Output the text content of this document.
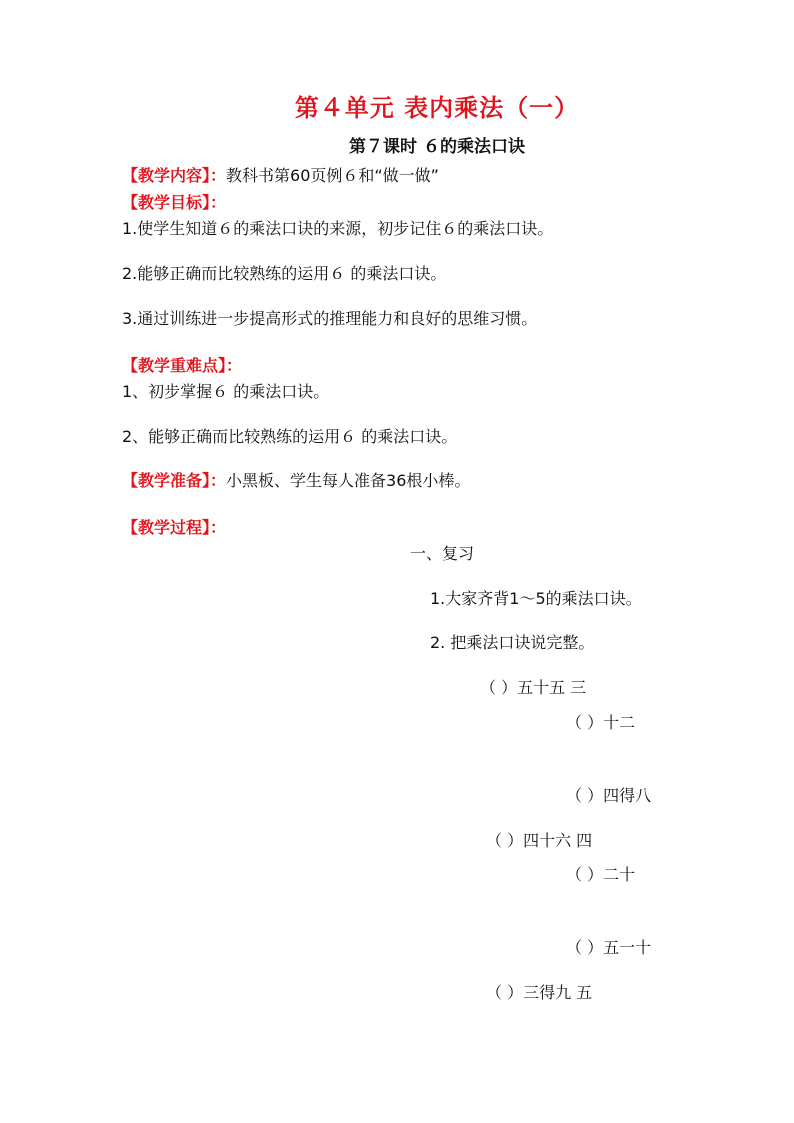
第４单元 表内乘法（一）
第７课时 ６的乘法口诀
【教学内容】：教科书第60页例６和“做一做”
【教学目标】：
1.使学生知道６的乘法口诀的来源，初步记住６的乘法口诀。
2.能够正确而比较熟练的运用６ 的乘法口诀。
3.通过训练进一步提高形式的推理能力和良好的思维习惯。
【教学重难点】：
1、初步掌握６ 的乘法口诀。
2、能够正确而比较熟练的运用６ 的乘法口诀。
【教学准备】：小黑板、学生每人准备36根小棒。
【教学过程】：
一、复习
1.大家齐背1～5的乘法口诀。
2. 把乘法口诀说完整。
（ ）五十五 三
（ ）十二
（ ）四得八
（ ）四十六 四
（ ）二十
（ ）五一十
（ ）三得九 五
